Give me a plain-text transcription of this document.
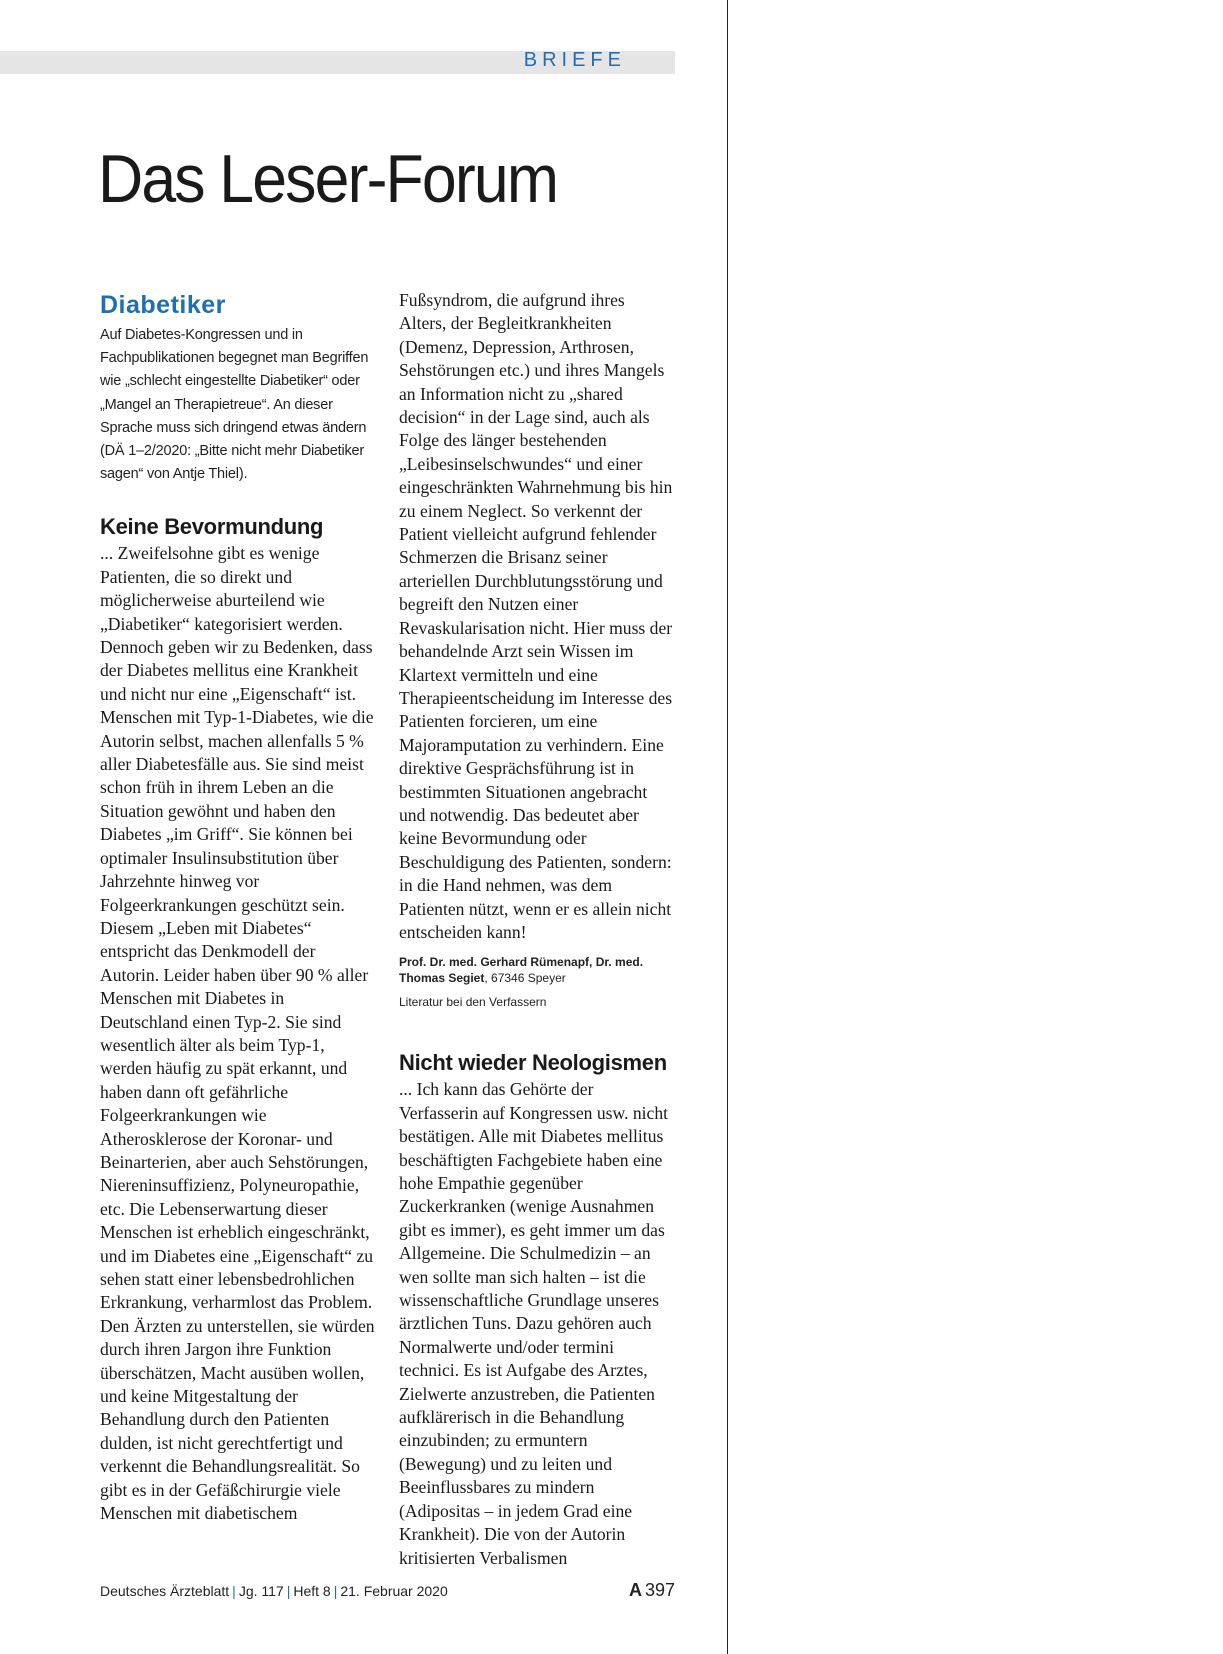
BRIEFE
Das Leser-Forum
Diabetiker

Auf Diabetes-Kongressen und in Fachpublikationen begegnet man Begriffen wie „schlecht eingestellte Diabetiker“ oder „Mangel an Therapietreue“. An dieser Sprache muss sich dringend etwas ändern (DÄ 1–2/2020: „Bitte nicht mehr Diabetiker sagen“ von Antje Thiel).

Keine Bevormundung

... Zweifelsohne gibt es wenige Patienten, die so direkt und möglicherweise aburteilend wie „Diabetiker“ kategorisiert werden. Dennoch geben wir zu Bedenken, dass der Diabetes mellitus eine Krankheit und nicht nur eine „Eigenschaft“ ist. Menschen mit Typ-1-Diabetes, wie die Autorin selbst, machen allenfalls 5 % aller Diabetesfälle aus. Sie sind meist schon früh in ihrem Leben an die Situation gewöhnt und haben den Diabetes „im Griff“. Sie können bei optimaler Insulinsubstitution über Jahrzehnte hinweg vor Folgeerkrankungen geschützt sein. Diesem „Leben mit Diabetes“ entspricht das Denkmodell der Autorin. Leider haben über 90 % aller Menschen mit Diabetes in Deutschland einen Typ-2. Sie sind wesentlich älter als beim Typ-1, werden häufig zu spät erkannt, und haben dann oft gefährliche Folgeerkrankungen wie Atherosklerose der Koronar- und Beinarterien, aber auch Sehstörungen, Niereninsuffizienz, Polyneuropathie, etc. Die Lebenserwartung dieser Menschen ist erheblich eingeschränkt, und im Diabetes eine „Eigenschaft“ zu sehen statt einer lebensbedrohlichen Erkrankung, verharmlost das Problem. Den Ärzten zu unterstellen, sie würden durch ihren Jargon ihre Funktion überschätzen, Macht ausüben wollen, und keine Mitgestaltung der Behandlung durch den Patienten dulden, ist nicht gerechtfertigt und verkennt die Behandlungsrealität. So gibt es in der Gefäßchirurgie viele Menschen mit diabetischem

Fußsyndrom, die aufgrund ihres Alters, der Begleitkrankheiten (Demenz, Depression, Arthrosen, Sehstörungen etc.) und ihres Mangels an Information nicht zu „shared decision“ in der Lage sind, auch als Folge des länger bestehenden „Leibesinselschwundes“ und einer eingeschränkten Wahrnehmung bis hin zu einem Neglect. So verkennt der Patient vielleicht aufgrund fehlender Schmerzen die Brisanz seiner arteriellen Durchblutungsstörung und begreift den Nutzen einer Revaskularisation nicht. Hier muss der behandelnde Arzt sein Wissen im Klartext vermitteln und eine Therapieentscheidung im Interesse des Patienten forcieren, um eine Majoramputation zu verhindern. Eine direktive Gesprächsführung ist in bestimmten Situationen angebracht und notwendig. Das bedeutet aber keine Bevormundung oder Beschuldigung des Patienten, sondern: in die Hand nehmen, was dem Patienten nützt, wenn er es allein nicht entscheiden kann!

Prof. Dr. med. Gerhard Rümenapf, Dr. med. Thomas Segiet, 67346 Speyer

Literatur bei den Verfassern

Nicht wieder Neologismen

... Ich kann das Gehörte der Verfasserin auf Kongressen usw. nicht bestätigen. Alle mit Diabetes mellitus beschäftigten Fachgebiete haben eine hohe Empathie gegenüber Zuckerkranken (wenige Ausnahmen gibt es immer), es geht immer um das Allgemeine. Die Schulmedizin – an wen sollte man sich halten – ist die wissenschaftliche Grundlage unseres ärztlichen Tuns. Dazu gehören auch Normalwerte und/oder termini technici. Es ist Aufgabe des Arztes, Zielwerte anzustreben, die Patienten aufklärerisch in die Behandlung einzubinden; zu ermuntern (Bewegung) und zu leiten und Beeinflussbares zu mindern (Adipositas – in jedem Grad eine Krankheit). Die von der Autorin kritisierten Verbalismen

Deutsches Ärzteblatt | Jg. 117 | Heft 8 | 21. Februar 2020	A 397
